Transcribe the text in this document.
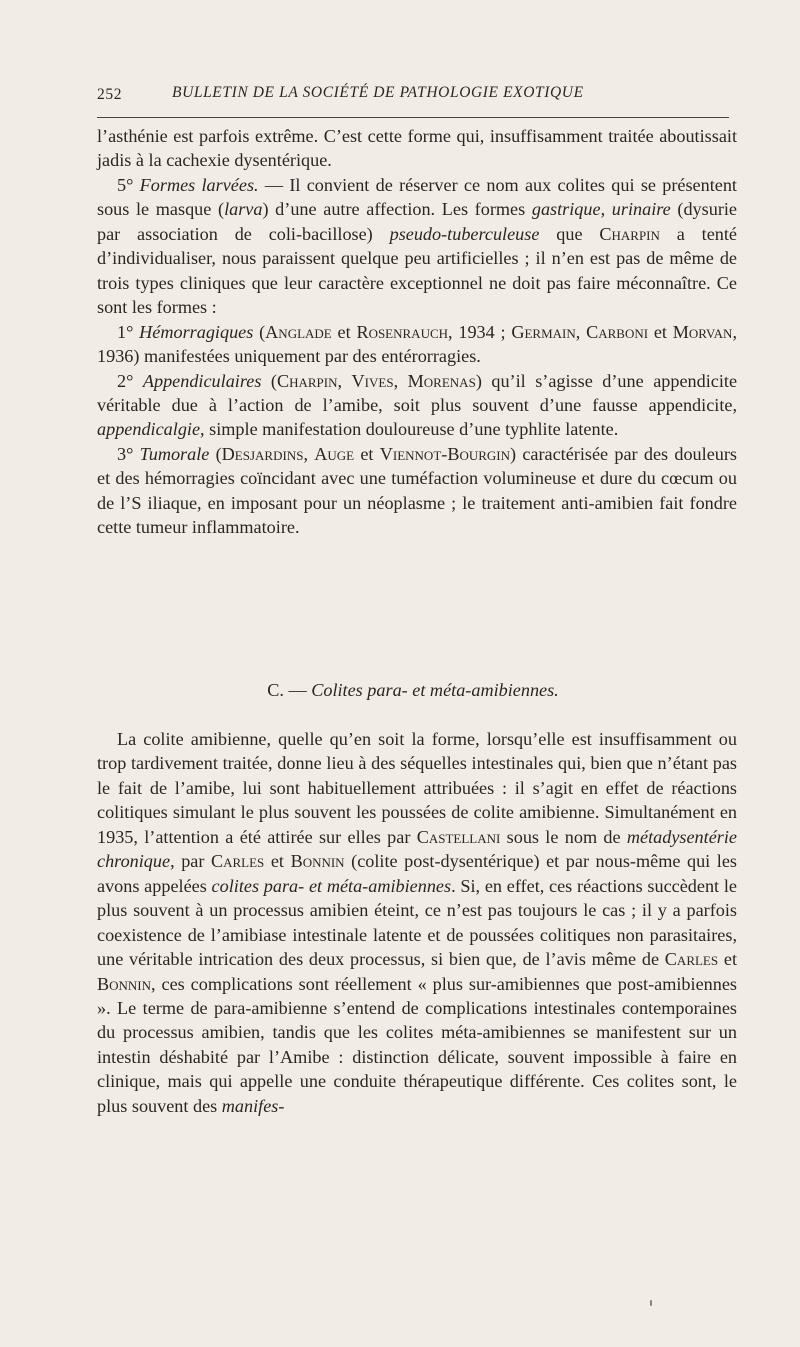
252	BULLETIN DE LA SOCIÉTÉ DE PATHOLOGIE EXOTIQUE

l’asthénie est parfois extrême. C’est cette forme qui, insuffisamment traitée aboutissait jadis à la cachexie dysentérique.

5° Formes larvées. — Il convient de réserver ce nom aux colites qui se présentent sous le masque (larva) d’une autre affection. Les formes gastrique, urinaire (dysurie par association de coli-bacillose) pseudo-tuberculeuse que Charpin a tenté d’individualiser, nous paraissent quelque peu artificielles ; il n’en est pas de même de trois types cliniques que leur caractère exceptionnel ne doit pas faire méconnaître. Ce sont les formes :

1° Hémorragiques (Anglade et Rosenrauch, 1934 ; Germain, Carboni et Morvan, 1936) manifestées uniquement par des entérorragies.

2° Appendiculaires (Charpin, Vives, Morenas) qu’il s’agisse d’une appendicite véritable due à l’action de l’amibe, soit plus souvent d’une fausse appendicite, appendicalgie, simple manifestation douloureuse d’une typhlite latente.

3° Tumorale (Desjardins, Auge et Viennot-Bourgin) caractérisée par des douleurs et des hémorragies coïncidant avec une tuméfaction volumineuse et dure du cœcum ou de l’S iliaque, en imposant pour un néoplasme ; le traitement anti-amibien fait fondre cette tumeur inflammatoire.

C. — Colites para- et méta-amibiennes.

La colite amibienne, quelle qu’en soit la forme, lorsqu’elle est insuffisamment ou trop tardivement traitée, donne lieu à des séquelles intestinales qui, bien que n’étant pas le fait de l’amibe, lui sont habituellement attribuées : il s’agit en effet de réactions colitiques simulant le plus souvent les poussées de colite amibienne. Simultanément en 1935, l’attention a été attirée sur elles par Castellani sous le nom de métadysentérie chronique, par Carles et Bonnin (colite post-dysentérique) et par nous-même qui les avons appelées colites para- et méta-amibiennes. Si, en effet, ces réactions succèdent le plus souvent à un processus amibien éteint, ce n’est pas toujours le cas ; il y a parfois coexistence de l’amibiase intestinale latente et de poussées colitiques non parasitaires, une véritable intrication des deux processus, si bien que, de l’avis même de Carles et Bonnin, ces complications sont réellement « plus sur-amibiennes que post-amibiennes ». Le terme de para-amibienne s’entend de complications intestinales contemporaines du processus amibien, tandis que les colites méta-amibiennes se manifestent sur un intestin déshabité par l’Amibe : distinction délicate, souvent impossible à faire en clinique, mais qui appelle une conduite thérapeutique différente. Ces colites sont, le plus souvent des manifes-
